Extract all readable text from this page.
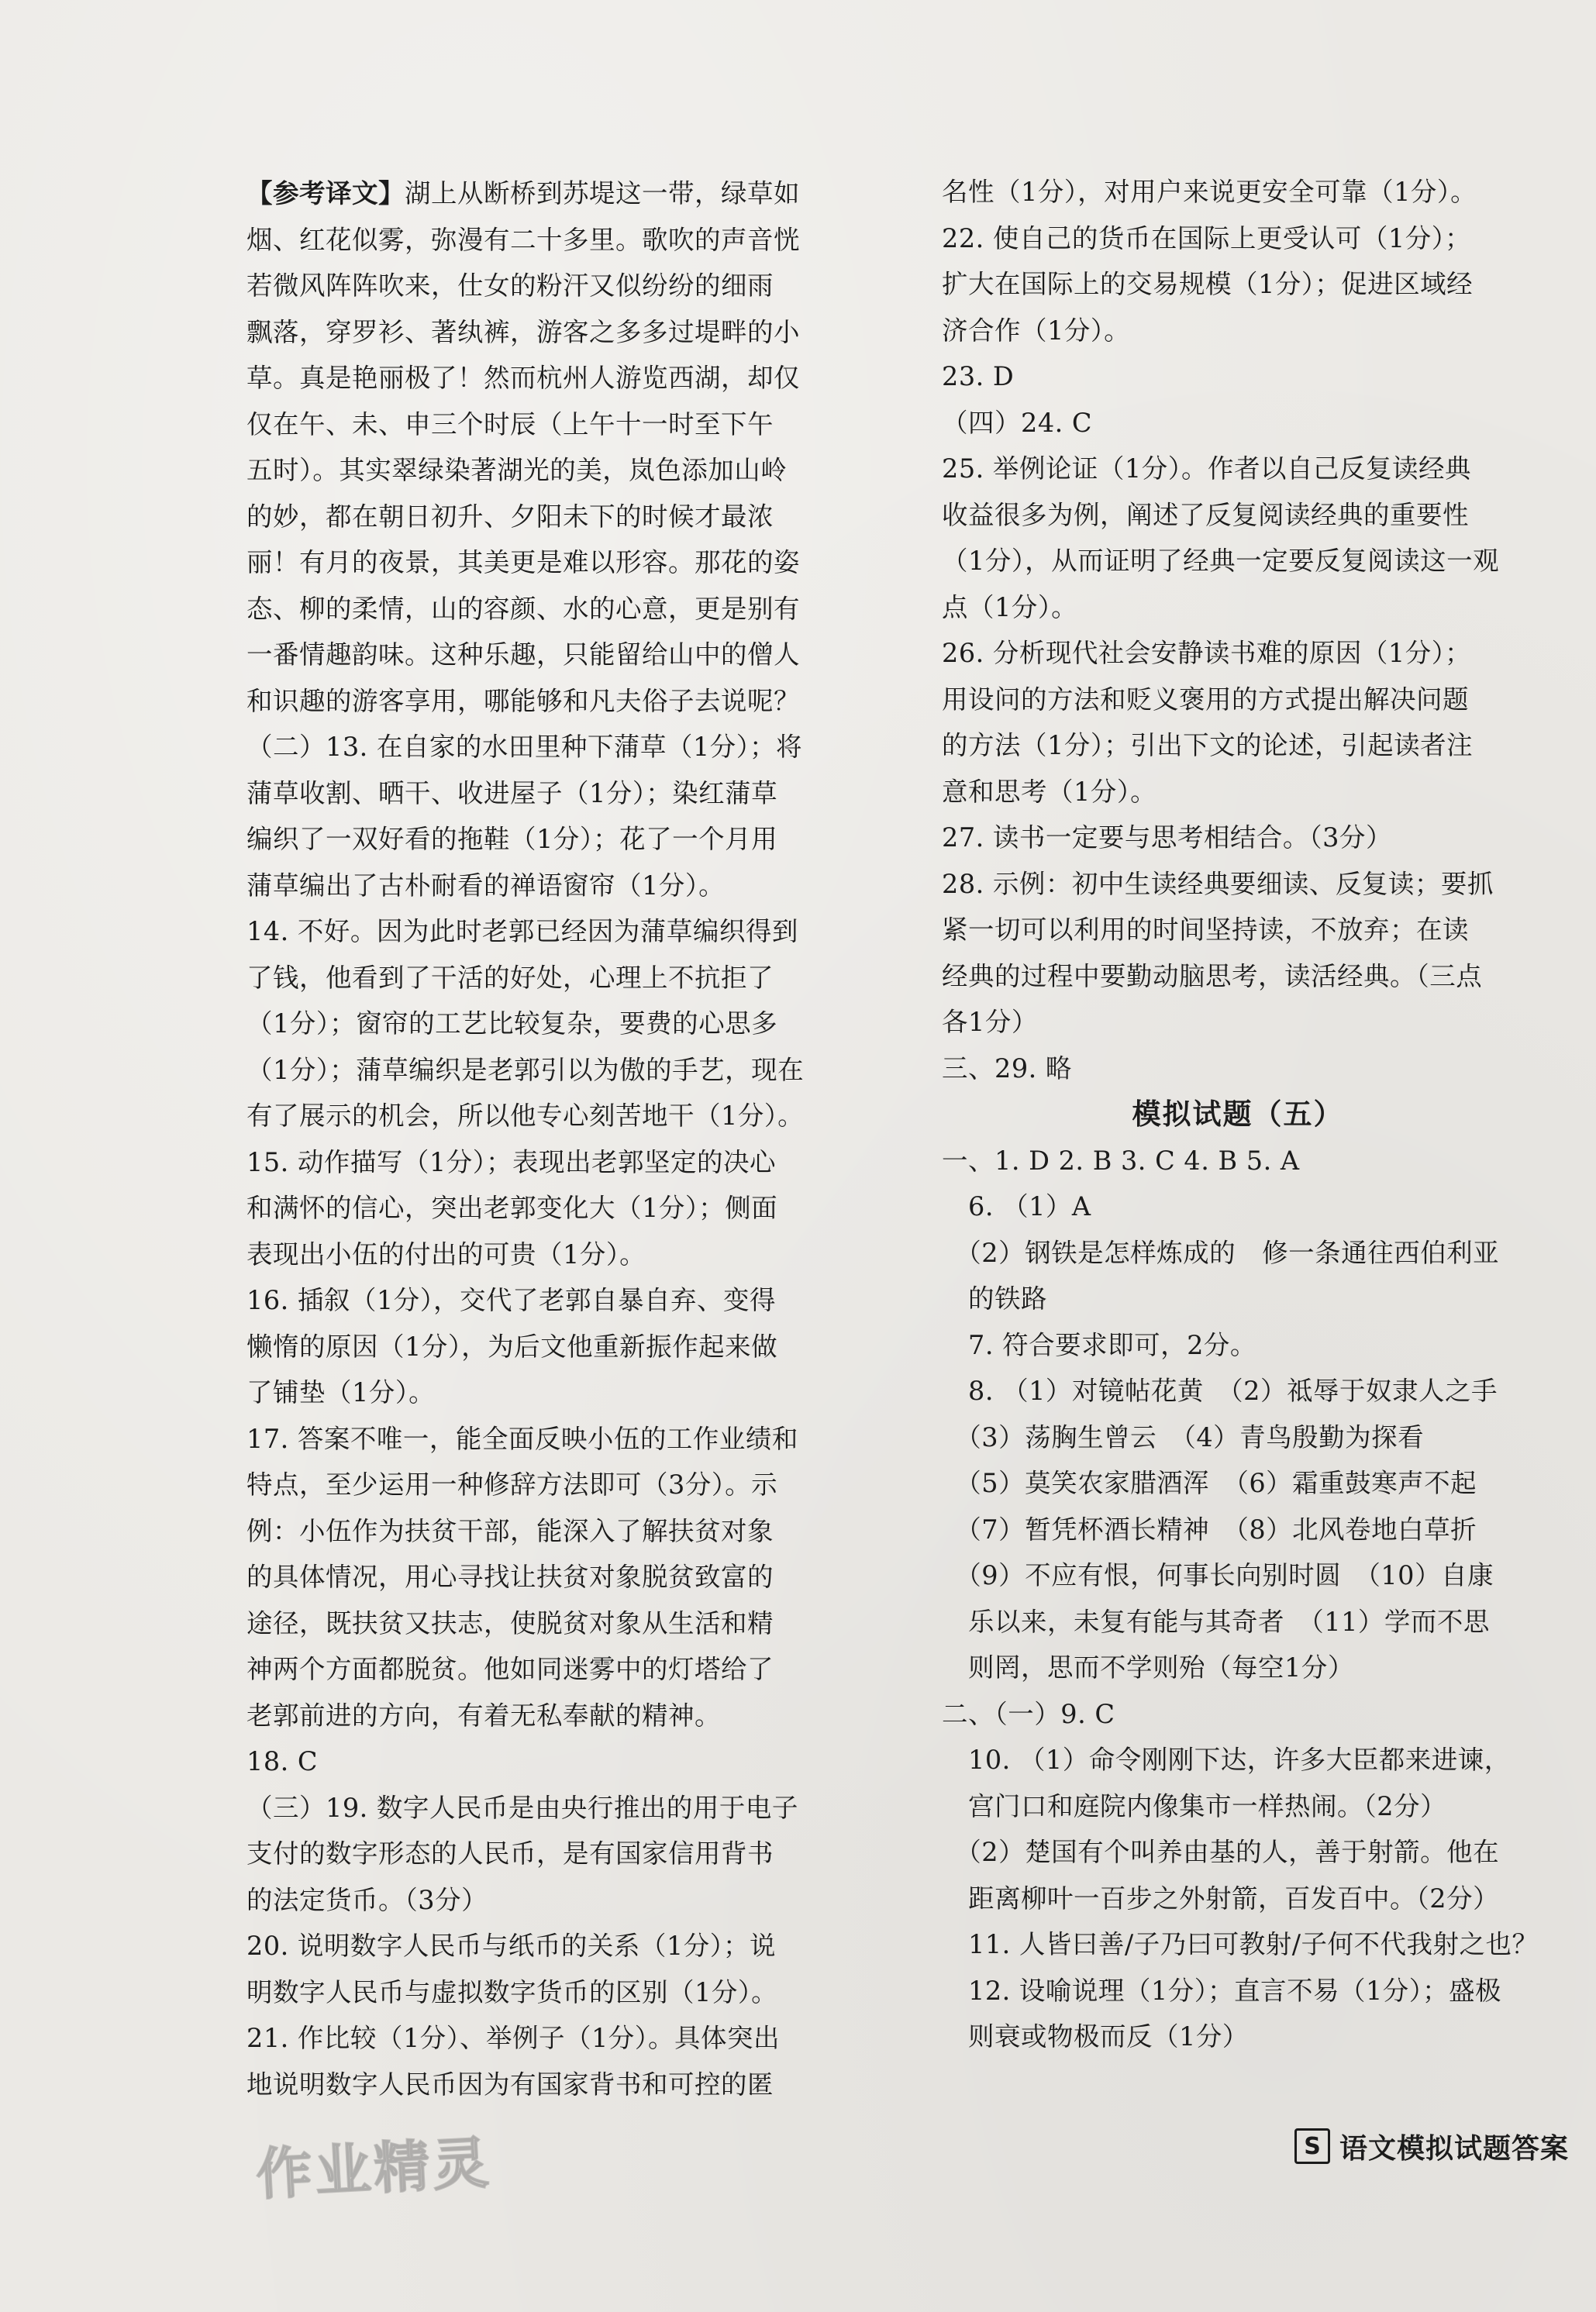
【参考译文】湖上从断桥到苏堤这一带，绿草如
烟、红花似雾，弥漫有二十多里。歌吹的声音恍
若微风阵阵吹来，仕女的粉汗又似纷纷的细雨
飘落，穿罗衫、著纨裤，游客之多多过堤畔的小
草。真是艳丽极了！然而杭州人游览西湖，却仅
仅在午、未、申三个时辰（上午十一时至下午
五时）。其实翠绿染著湖光的美，岚色添加山岭
的妙，都在朝日初升、夕阳未下的时候才最浓
丽！有月的夜景，其美更是难以形容。那花的姿
态、柳的柔情，山的容颜、水的心意，更是别有
一番情趣韵味。这种乐趣，只能留给山中的僧人
和识趣的游客享用，哪能够和凡夫俗子去说呢？
（二）13. 在自家的水田里种下蒲草（1分）；将
蒲草收割、晒干、收进屋子（1分）；染红蒲草
编织了一双好看的拖鞋（1分）；花了一个月用
蒲草编出了古朴耐看的禅语窗帘（1分）。
14. 不好。因为此时老郭已经因为蒲草编织得到
了钱，他看到了干活的好处，心理上不抗拒了
（1分）；窗帘的工艺比较复杂，要费的心思多
（1分）；蒲草编织是老郭引以为傲的手艺，现在
有了展示的机会，所以他专心刻苦地干（1分）。
15. 动作描写（1分）；表现出老郭坚定的决心
和满怀的信心，突出老郭变化大（1分）；侧面
表现出小伍的付出的可贵（1分）。
16. 插叙（1分），交代了老郭自暴自弃、变得
懒惰的原因（1分），为后文他重新振作起来做
了铺垫（1分）。
17. 答案不唯一，能全面反映小伍的工作业绩和
特点，至少运用一种修辞方法即可（3分）。示
例：小伍作为扶贫干部，能深入了解扶贫对象
的具体情况，用心寻找让扶贫对象脱贫致富的
途径，既扶贫又扶志，使脱贫对象从生活和精
神两个方面都脱贫。他如同迷雾中的灯塔给了
老郭前进的方向，有着无私奉献的精神。
18. C
（三）19. 数字人民币是由央行推出的用于电子
支付的数字形态的人民币，是有国家信用背书
的法定货币。（3分）
20. 说明数字人民币与纸币的关系（1分）；说
明数字人民币与虚拟数字货币的区别（1分）。
21. 作比较（1分）、举例子（1分）。具体突出
地说明数字人民币因为有国家背书和可控的匿
名性（1分），对用户来说更安全可靠（1分）。
22. 使自己的货币在国际上更受认可（1分）；
扩大在国际上的交易规模（1分）；促进区域经
济合作（1分）。
23. D
（四）24. C
25. 举例论证（1分）。作者以自己反复读经典
收益很多为例，阐述了反复阅读经典的重要性
（1分），从而证明了经典一定要反复阅读这一观
点（1分）。
26. 分析现代社会安静读书难的原因（1分）；
用设问的方法和贬义褒用的方式提出解决问题
的方法（1分）；引出下文的论述，引起读者注
意和思考（1分）。
27. 读书一定要与思考相结合。（3分）
28. 示例：初中生读经典要细读、反复读；要抓
紧一切可以利用的时间坚持读，不放弃；在读
经典的过程中要勤动脑思考，读活经典。（三点
各1分）
三、29. 略
模拟试题（五）
一、1. D 2. B 3. C 4. B 5. A
　6. （1）A
　（2）钢铁是怎样炼成的　修一条通往西伯利亚
　的铁路
　7. 符合要求即可，2分。
　8. （1）对镜帖花黄　（2）祗辱于奴隶人之手
　（3）荡胸生曾云　（4）青鸟殷勤为探看
　（5）莫笑农家腊酒浑　（6）霜重鼓寒声不起
　（7）暂凭杯酒长精神　（8）北风卷地白草折
　（9）不应有恨，何事长向别时圆　（10）自康
　乐以来，未复有能与其奇者　（11）学而不思
　则罔，思而不学则殆（每空1分）
二、（一）9. C
　10. （1）命令刚刚下达，许多大臣都来进谏，
　宫门口和庭院内像集市一样热闹。（2分）
　（2）楚国有个叫养由基的人，善于射箭。他在
　距离柳叶一百步之外射箭，百发百中。（2分）
　11. 人皆曰善/子乃曰可教射/子何不代我射之也？
　12. 设喻说理（1分）；直言不易（1分）；盛极
　则衰或物极而反（1分）
作业精灵	S 语文模拟试题答案
